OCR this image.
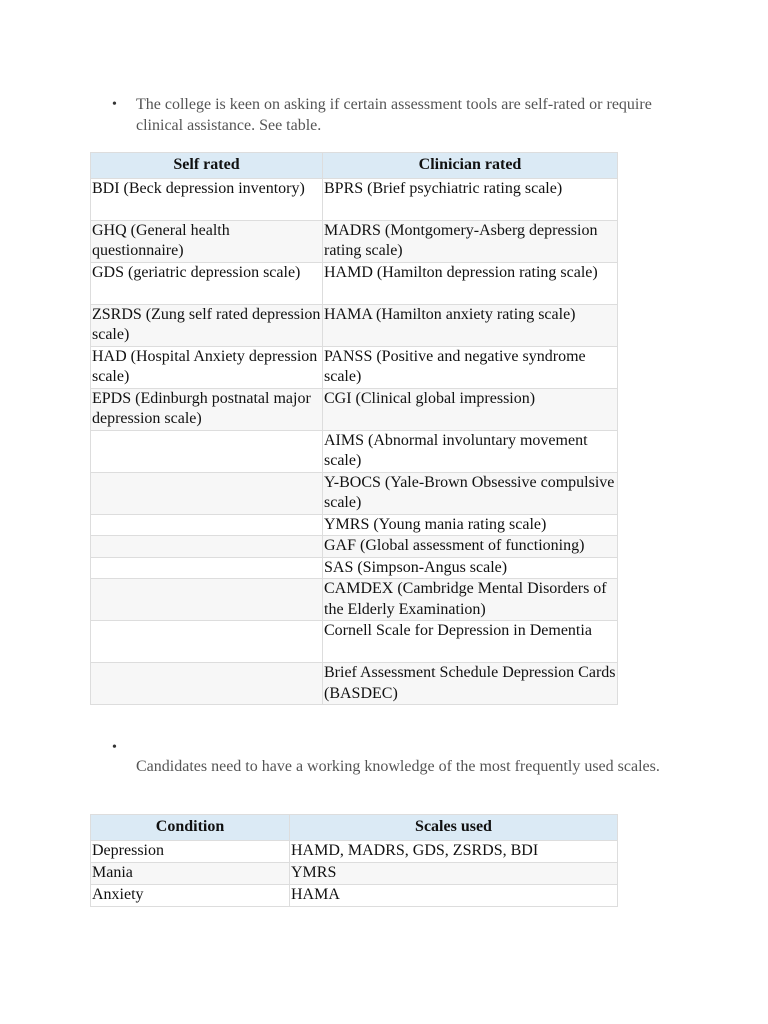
• The college is keen on asking if certain assessment tools are self-rated or require clinical assistance. See table.
Self rated	Clinician rated
BDI (Beck depression inventory)	BPRS (Brief psychiatric rating scale)
GHQ (General health questionnaire)	MADRS (Montgomery-Asberg depression rating scale)
GDS (geriatric depression scale)	HAMD (Hamilton depression rating scale)
ZSRDS (Zung self rated depression scale)	HAMA (Hamilton anxiety rating scale)
HAD (Hospital Anxiety depression scale)	PANSS (Positive and negative syndrome scale)
EPDS (Edinburgh postnatal major depression scale)	CGI (Clinical global impression)
	AIMS (Abnormal involuntary movement scale)
	Y-BOCS (Yale-Brown Obsessive compulsive scale)
	YMRS (Young mania rating scale)
	GAF (Global assessment of functioning)
	SAS (Simpson-Angus scale)
	CAMDEX (Cambridge Mental Disorders of the Elderly Examination)
	Cornell Scale for Depression in Dementia
	Brief Assessment Schedule Depression Cards (BASDEC)
•
Candidates need to have a working knowledge of the most frequently used scales.
Condition	Scales used
Depression	HAMD, MADRS, GDS, ZSRDS, BDI
Mania	YMRS
Anxiety	HAMA
